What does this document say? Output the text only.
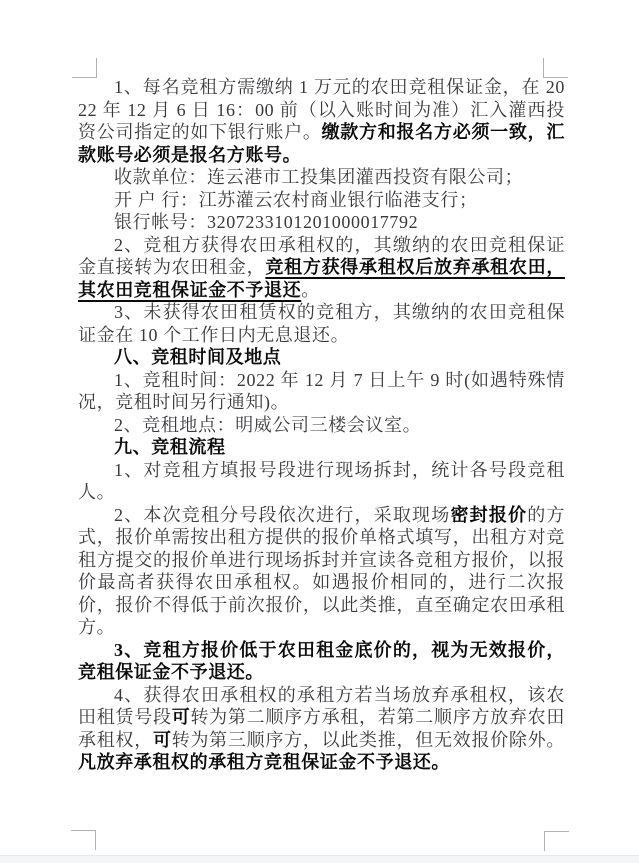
1、每名竞租方需缴纳 1 万元的农田竞租保证金，在 2022 年 12 月 6 日 16：00 前（以入账时间为准）汇入灌西投资公司指定的如下银行账户。缴款方和报名方必须一致，汇款账号必须是报名方账号。

收款单位：连云港市工投集团灌西投资有限公司；

开 户 行：江苏灌云农村商业银行临港支行；

银行帐号：3207233101201000017792

2、竞租方获得农田承租权的，其缴纳的农田竞租保证金直接转为农田租金，竞租方获得承租权后放弃承租农田，其农田竞租保证金不予退还。

3、未获得农田租赁权的竞租方，其缴纳的农田竞租保证金在 10 个工作日内无息退还。

八、竞租时间及地点

1、竞租时间：2022 年 12 月 7 日上午 9 时(如遇特殊情况，竞租时间另行通知)。

2、竞租地点：明威公司三楼会议室。

九、竞租流程

1、对竞租方填报号段进行现场拆封，统计各号段竞租人。

2、本次竞租分号段依次进行，采取现场密封报价的方式，报价单需按出租方提供的报价单格式填写，出租方对竞租方提交的报价单进行现场拆封并宣读各竞租方报价，以报价最高者获得农田承租权。如遇报价相同的，进行二次报价，报价不得低于前次报价，以此类推，直至确定农田承租方。

3、竞租方报价低于农田租金底价的，视为无效报价，竞租保证金不予退还。

4、获得农田承租权的承租方若当场放弃承租权，该农田租赁号段可转为第二顺序方承租，若第二顺序方放弃农田承租权，可转为第三顺序方，以此类推，但无效报价除外。凡放弃承租权的承租方竞租保证金不予退还。
